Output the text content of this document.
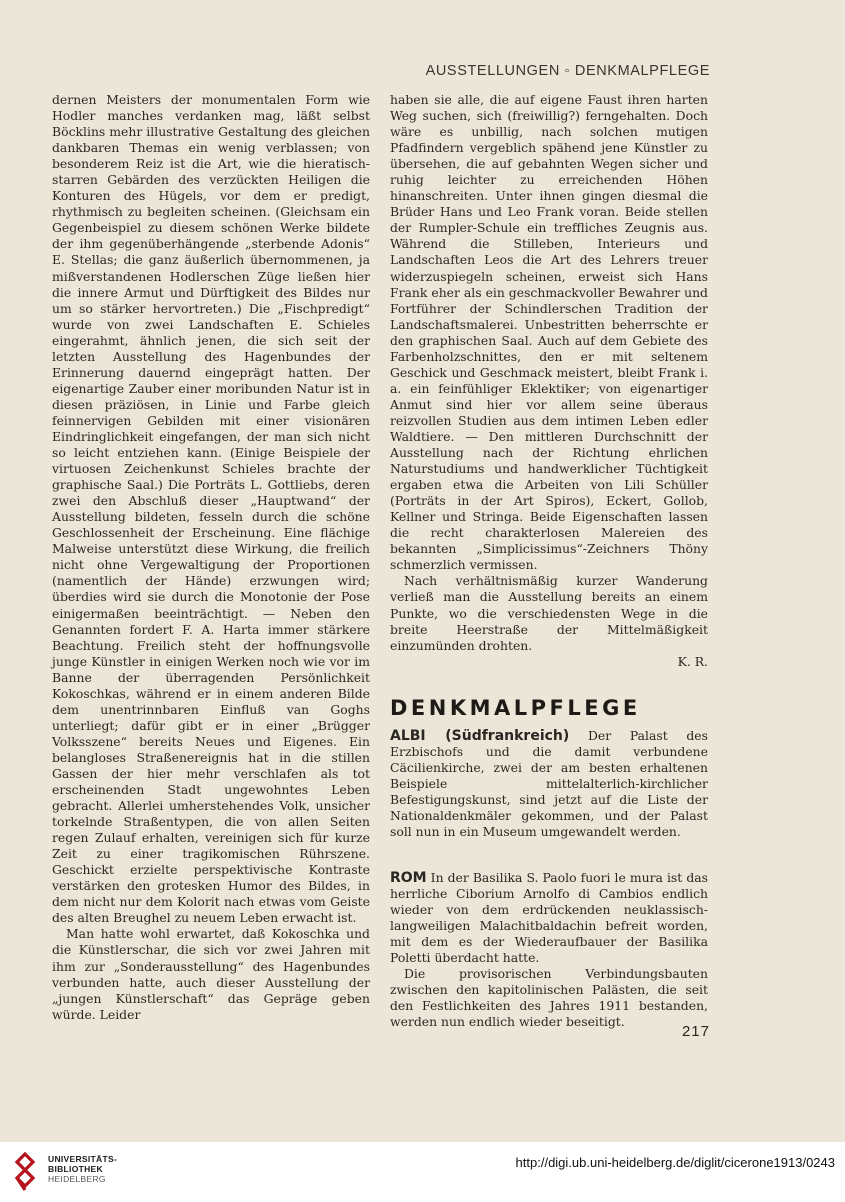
AUSSTELLUNGEN ◦ DENKMALPFLEGE

dernen Meisters der monumentalen Form wie Hodler manches verdanken mag, läßt selbst Böcklins mehr illustrative Gestaltung des gleichen dankbaren Themas ein wenig verblassen; von besonderem Reiz ist die Art, wie die hieratisch-starren Gebärden des verzückten Heiligen die Konturen des Hügels, vor dem er predigt, rhythmisch zu begleiten scheinen. (Gleichsam ein Gegenbeispiel zu diesem schönen Werke bildete der ihm gegenüberhängende „sterbende Adonis“ E. Stellas; die ganz äußerlich übernommenen, ja mißverstandenen Hodlerschen Züge ließen hier die innere Armut und Dürftigkeit des Bildes nur um so stärker hervortreten.) Die „Fischpredigt“ wurde von zwei Landschaften E. Schieles eingerahmt, ähnlich jenen, die sich seit der letzten Ausstellung des Hagenbundes der Erinnerung dauernd eingeprägt hatten. Der eigenartige Zauber einer moribunden Natur ist in diesen präziösen, in Linie und Farbe gleich feinnervigen Gebilden mit einer visionären Eindringlichkeit eingefangen, der man sich nicht so leicht entziehen kann. (Einige Beispiele der virtuosen Zeichenkunst Schieles brachte der graphische Saal.) Die Porträts L. Gottliebs, deren zwei den Abschluß dieser „Hauptwand“ der Ausstellung bildeten, fesseln durch die schöne Geschlossenheit der Erscheinung. Eine flächige Malweise unterstützt diese Wirkung, die freilich nicht ohne Vergewaltigung der Proportionen (namentlich der Hände) erzwungen wird; überdies wird sie durch die Monotonie der Pose einigermaßen beeinträchtigt. — Neben den Genannten fordert F. A. Harta immer stärkere Beachtung. Freilich steht der hoffnungsvolle junge Künstler in einigen Werken noch wie vor im Banne der überragenden Persönlichkeit Kokoschkas, während er in einem anderen Bilde dem unentrinnbaren Einfluß van Goghs unterliegt; dafür gibt er in einer „Brügger Volksszene“ bereits Neues und Eigenes. Ein belangloses Straßenereignis hat in die stillen Gassen der hier mehr verschlafen als tot erscheinenden Stadt ungewohntes Leben gebracht. Allerlei umherstehendes Volk, unsicher torkelnde Straßentypen, die von allen Seiten regen Zulauf erhalten, vereinigen sich für kurze Zeit zu einer tragikomischen Rührszene. Geschickt erzielte perspektivische Kontraste verstärken den grotesken Humor des Bildes, in dem nicht nur dem Kolorit nach etwas vom Geiste des alten Breughel zu neuem Leben erwacht ist.

Man hatte wohl erwartet, daß Kokoschka und die Künstlerschar, die sich vor zwei Jahren mit ihm zur „Sonderausstellung“ des Hagenbundes verbunden hatte, auch dieser Ausstellung der „jungen Künstlerschaft“ das Gepräge geben würde. Leider

haben sie alle, die auf eigene Faust ihren harten Weg suchen, sich (freiwillig?) ferngehalten. Doch wäre es unbillig, nach solchen mutigen Pfadfindern vergeblich spähend jene Künstler zu übersehen, die auf gebahnten Wegen sicher und ruhig leichter zu erreichenden Höhen hinanschreiten. Unter ihnen gingen diesmal die Brüder Hans und Leo Frank voran. Beide stellen der Rumpler-Schule ein treffliches Zeugnis aus. Während die Stilleben, Interieurs und Landschaften Leos die Art des Lehrers treuer widerzuspiegeln scheinen, erweist sich Hans Frank eher als ein geschmackvoller Bewahrer und Fortführer der Schindlerschen Tradition der Landschaftsmalerei. Unbestritten beherrschte er den graphischen Saal. Auch auf dem Gebiete des Farbenholzschnittes, den er mit seltenem Geschick und Geschmack meistert, bleibt Frank i. a. ein feinfühliger Eklektiker; von eigenartiger Anmut sind hier vor allem seine überaus reizvollen Studien aus dem intimen Leben edler Waldtiere. — Den mittleren Durchschnitt der Ausstellung nach der Richtung ehrlichen Naturstudiums und handwerklicher Tüchtigkeit ergaben etwa die Arbeiten von Lili Schüller (Porträts in der Art Spiros), Eckert, Gollob, Kellner und Stringa. Beide Eigenschaften lassen die recht charakterlosen Malereien des bekannten „Simplicissimus“-Zeichners Thöny schmerzlich vermissen.

Nach verhältnismäßig kurzer Wanderung verließ man die Ausstellung bereits an einem Punkte, wo die verschiedensten Wege in die breite Heerstraße der Mittelmäßigkeit einzumünden drohten.

K. R.

DENKMALPFLEGE

ALBI (Südfrankreich) Der Palast des Erzbischofs und die damit verbundene Cäcilienkirche, zwei der am besten erhaltenen Beispiele mittelalterlich-kirchlicher Befestigungskunst, sind jetzt auf die Liste der Nationaldenkmäler gekommen, und der Palast soll nun in ein Museum umgewandelt werden.

ROM In der Basilika S. Paolo fuori le mura ist das herrliche Ciborium Arnolfo di Cambios endlich wieder von dem erdrückenden neuklassisch-langweiligen Malachitbaldachin befreit worden, mit dem es der Wiederaufbauer der Basilika Poletti überdacht hatte.

Die provisorischen Verbindungsbauten zwischen den kapitolinischen Palästen, die seit den Festlichkeiten des Jahres 1911 bestanden, werden nun endlich wieder beseitigt.

217
UNIVERSITÄTS-
BIBLIOTHEK
HEIDELBERG
http://digi.ub.uni-heidelberg.de/diglit/cicerone1913/0243
